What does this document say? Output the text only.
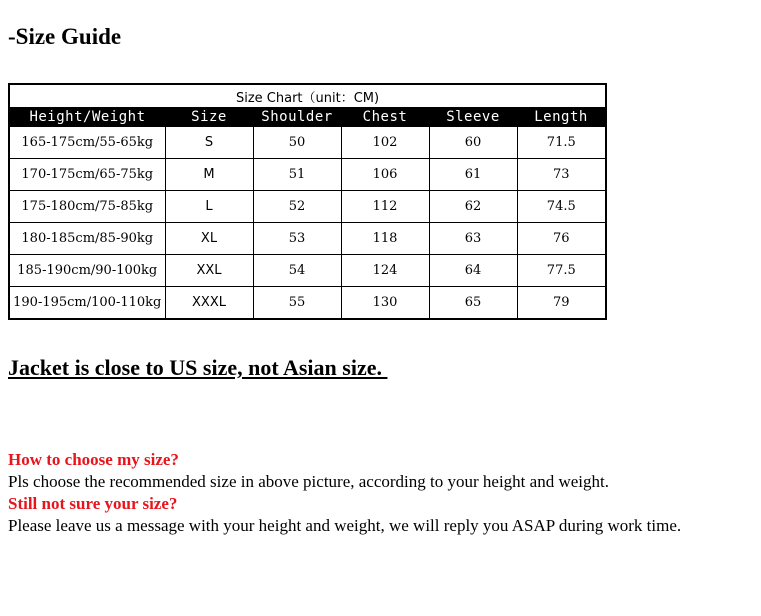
-Size Guide
Size Chart（unit：CM)					
Height/Weight	Size	Shoulder	Chest	Sleeve	Length
165-175cm/55-65kg	S	50	102	60	71.5
170-175cm/65-75kg	M	51	106	61	73
175-180cm/75-85kg	L	52	112	62	74.5
180-185cm/85-90kg	XL	53	118	63	76
185-190cm/90-100kg	XXL	54	124	64	77.5
190-195cm/100-110kg	XXXL	55	130	65	79

Jacket is close to US size, not Asian size.

How to choose my size?

Pls choose the recommended size in above picture, according to your height and weight.

Still not sure your size?

Please leave us a message with your height and weight, we will reply you ASAP during work time.
